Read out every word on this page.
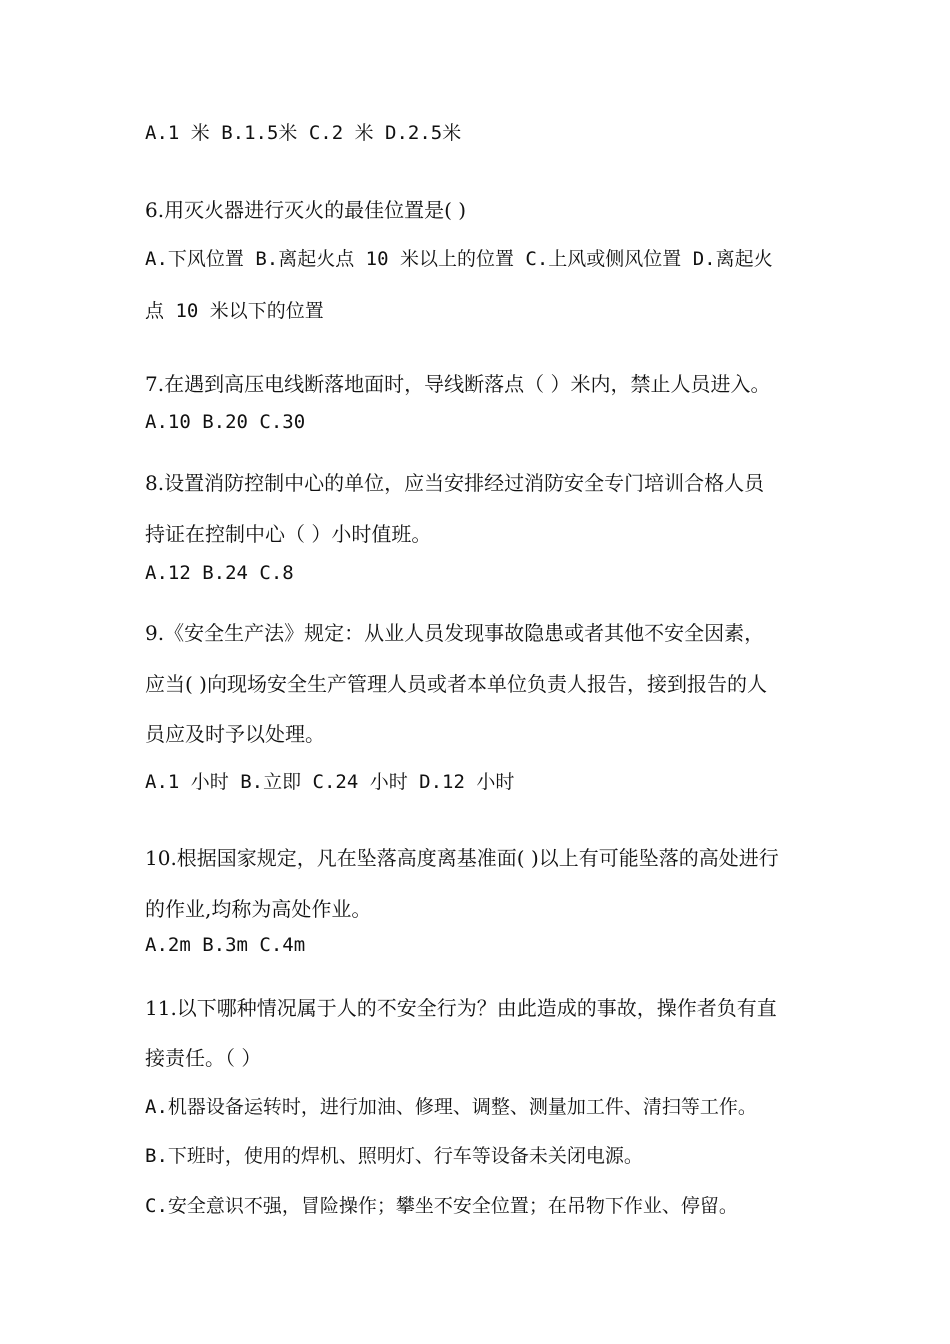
A.1 米 B.1.5米 C.2 米 D.2.5米
6.用灭火器进行灭火的最佳位置是( )
A.下风位置 B.离起火点 10 米以上的位置 C.上风或侧风位置 D.离起火
点 10 米以下的位置
7.在遇到高压电线断落地面时，导线断落点（ ）米内，禁止人员进入。
A.10 B.20 C.30
8.设置消防控制中心的单位，应当安排经过消防安全专门培训合格人员
持证在控制中心（ ）小时值班。
A.12 B.24 C.8
9.《安全生产法》规定：从业人员发现事故隐患或者其他不安全因素，
应当( )向现场安全生产管理人员或者本单位负责人报告，接到报告的人
员应及时予以处理。
A.1 小时 B.立即 C.24 小时 D.12 小时
10.根据国家规定，凡在坠落高度离基准面( )以上有可能坠落的高处进行
的作业,均称为高处作业。
A.2m B.3m C.4m
11.以下哪种情况属于人的不安全行为？由此造成的事故，操作者负有直
接责任。（ ）
A.机器设备运转时，进行加油、修理、调整、测量加工件、清扫等工作。
B.下班时，使用的焊机、照明灯、行车等设备未关闭电源。
C.安全意识不强，冒险操作；攀坐不安全位置；在吊物下作业、停留。
